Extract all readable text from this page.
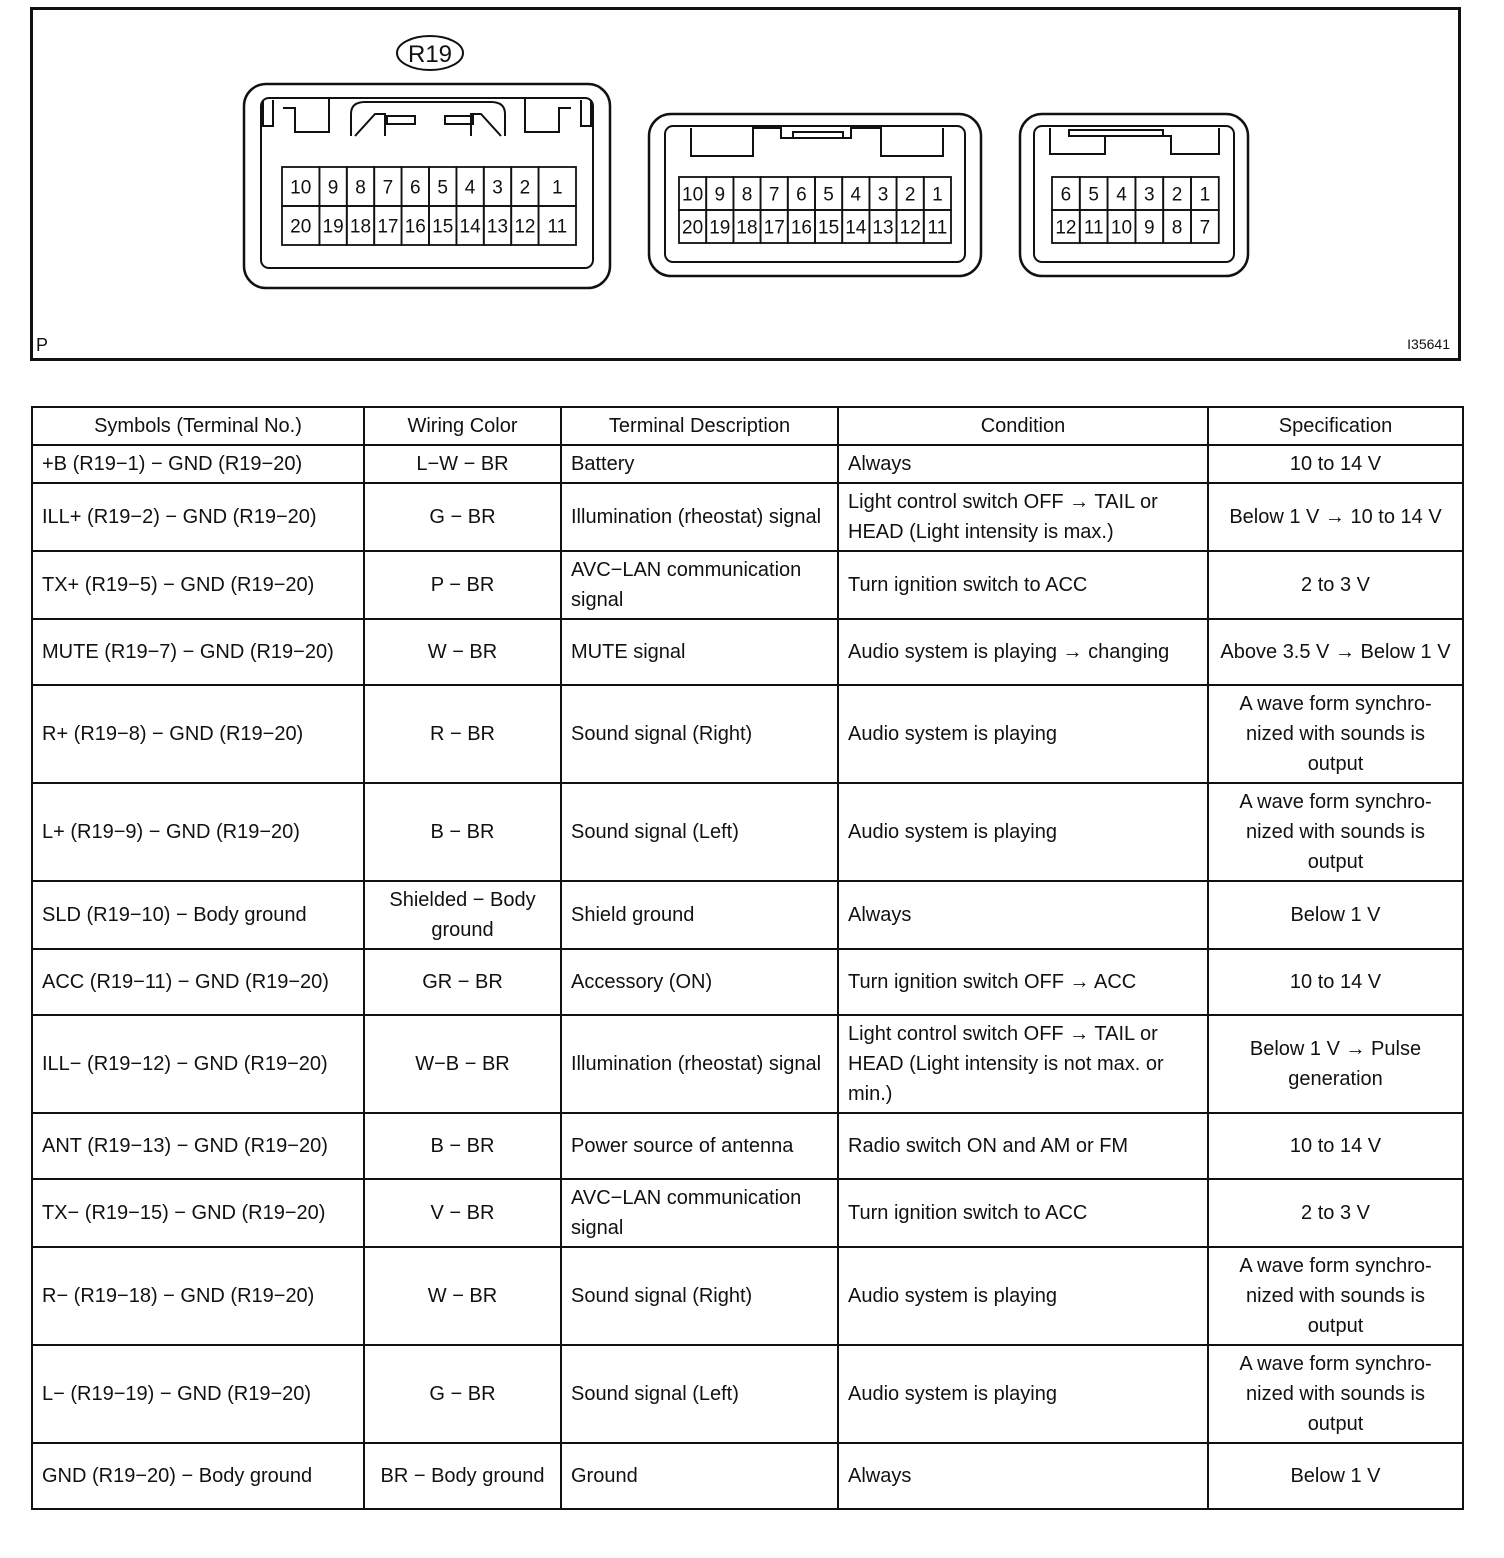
R19
10 9 8 7 6 5 4 3 2 1
20 19 18 17 16 15 14 13 12 11
10 9 8 7 6 5 4 3 2 1
20 19 18 17 16 15 14 13 12 11
6 5 4 3 2 1
12 11 10 9 8 7
P	I35641
Symbols (Terminal No.)	Wiring Color	Terminal Description	Condition	Specification
+B (R19−1) − GND (R19−20)	L−W − BR	Battery	Always	10 to 14 V
ILL+ (R19−2) − GND (R19−20)	G − BR	Illumination (rheostat) signal	Light control switch OFF → TAIL or HEAD (Light intensity is max.)	Below 1 V → 10 to 14 V
TX+ (R19−5) − GND (R19−20)	P − BR	AVC−LAN communication signal	Turn ignition switch to ACC	2 to 3 V
MUTE (R19−7) − GND (R19−20)	W − BR	MUTE signal	Audio system is playing → changing	Above 3.5 V → Below 1 V
R+ (R19−8) − GND (R19−20)	R − BR	Sound signal (Right)	Audio system is playing	A wave form synchro-nized with sounds is output
L+ (R19−9) − GND (R19−20)	B − BR	Sound signal (Left)	Audio system is playing	A wave form synchro-nized with sounds is output
SLD (R19−10) − Body ground	Shielded − Body ground	Shield ground	Always	Below 1 V
ACC (R19−11) − GND (R19−20)	GR − BR	Accessory (ON)	Turn ignition switch OFF → ACC	10 to 14 V
ILL− (R19−12) − GND (R19−20)	W−B − BR	Illumination (rheostat) signal	Light control switch OFF → TAIL or HEAD (Light intensity is not max. or min.)	Below 1 V → Pulse generation
ANT (R19−13) − GND (R19−20)	B − BR	Power source of antenna	Radio switch ON and AM or FM	10 to 14 V
TX− (R19−15) − GND (R19−20)	V − BR	AVC−LAN communication signal	Turn ignition switch to ACC	2 to 3 V
R− (R19−18) − GND (R19−20)	W − BR	Sound signal (Right)	Audio system is playing	A wave form synchro-nized with sounds is output
L− (R19−19) − GND (R19−20)	G − BR	Sound signal (Left)	Audio system is playing	A wave form synchro-nized with sounds is output
GND (R19−20) − Body ground	BR − Body ground	Ground	Always	Below 1 V
